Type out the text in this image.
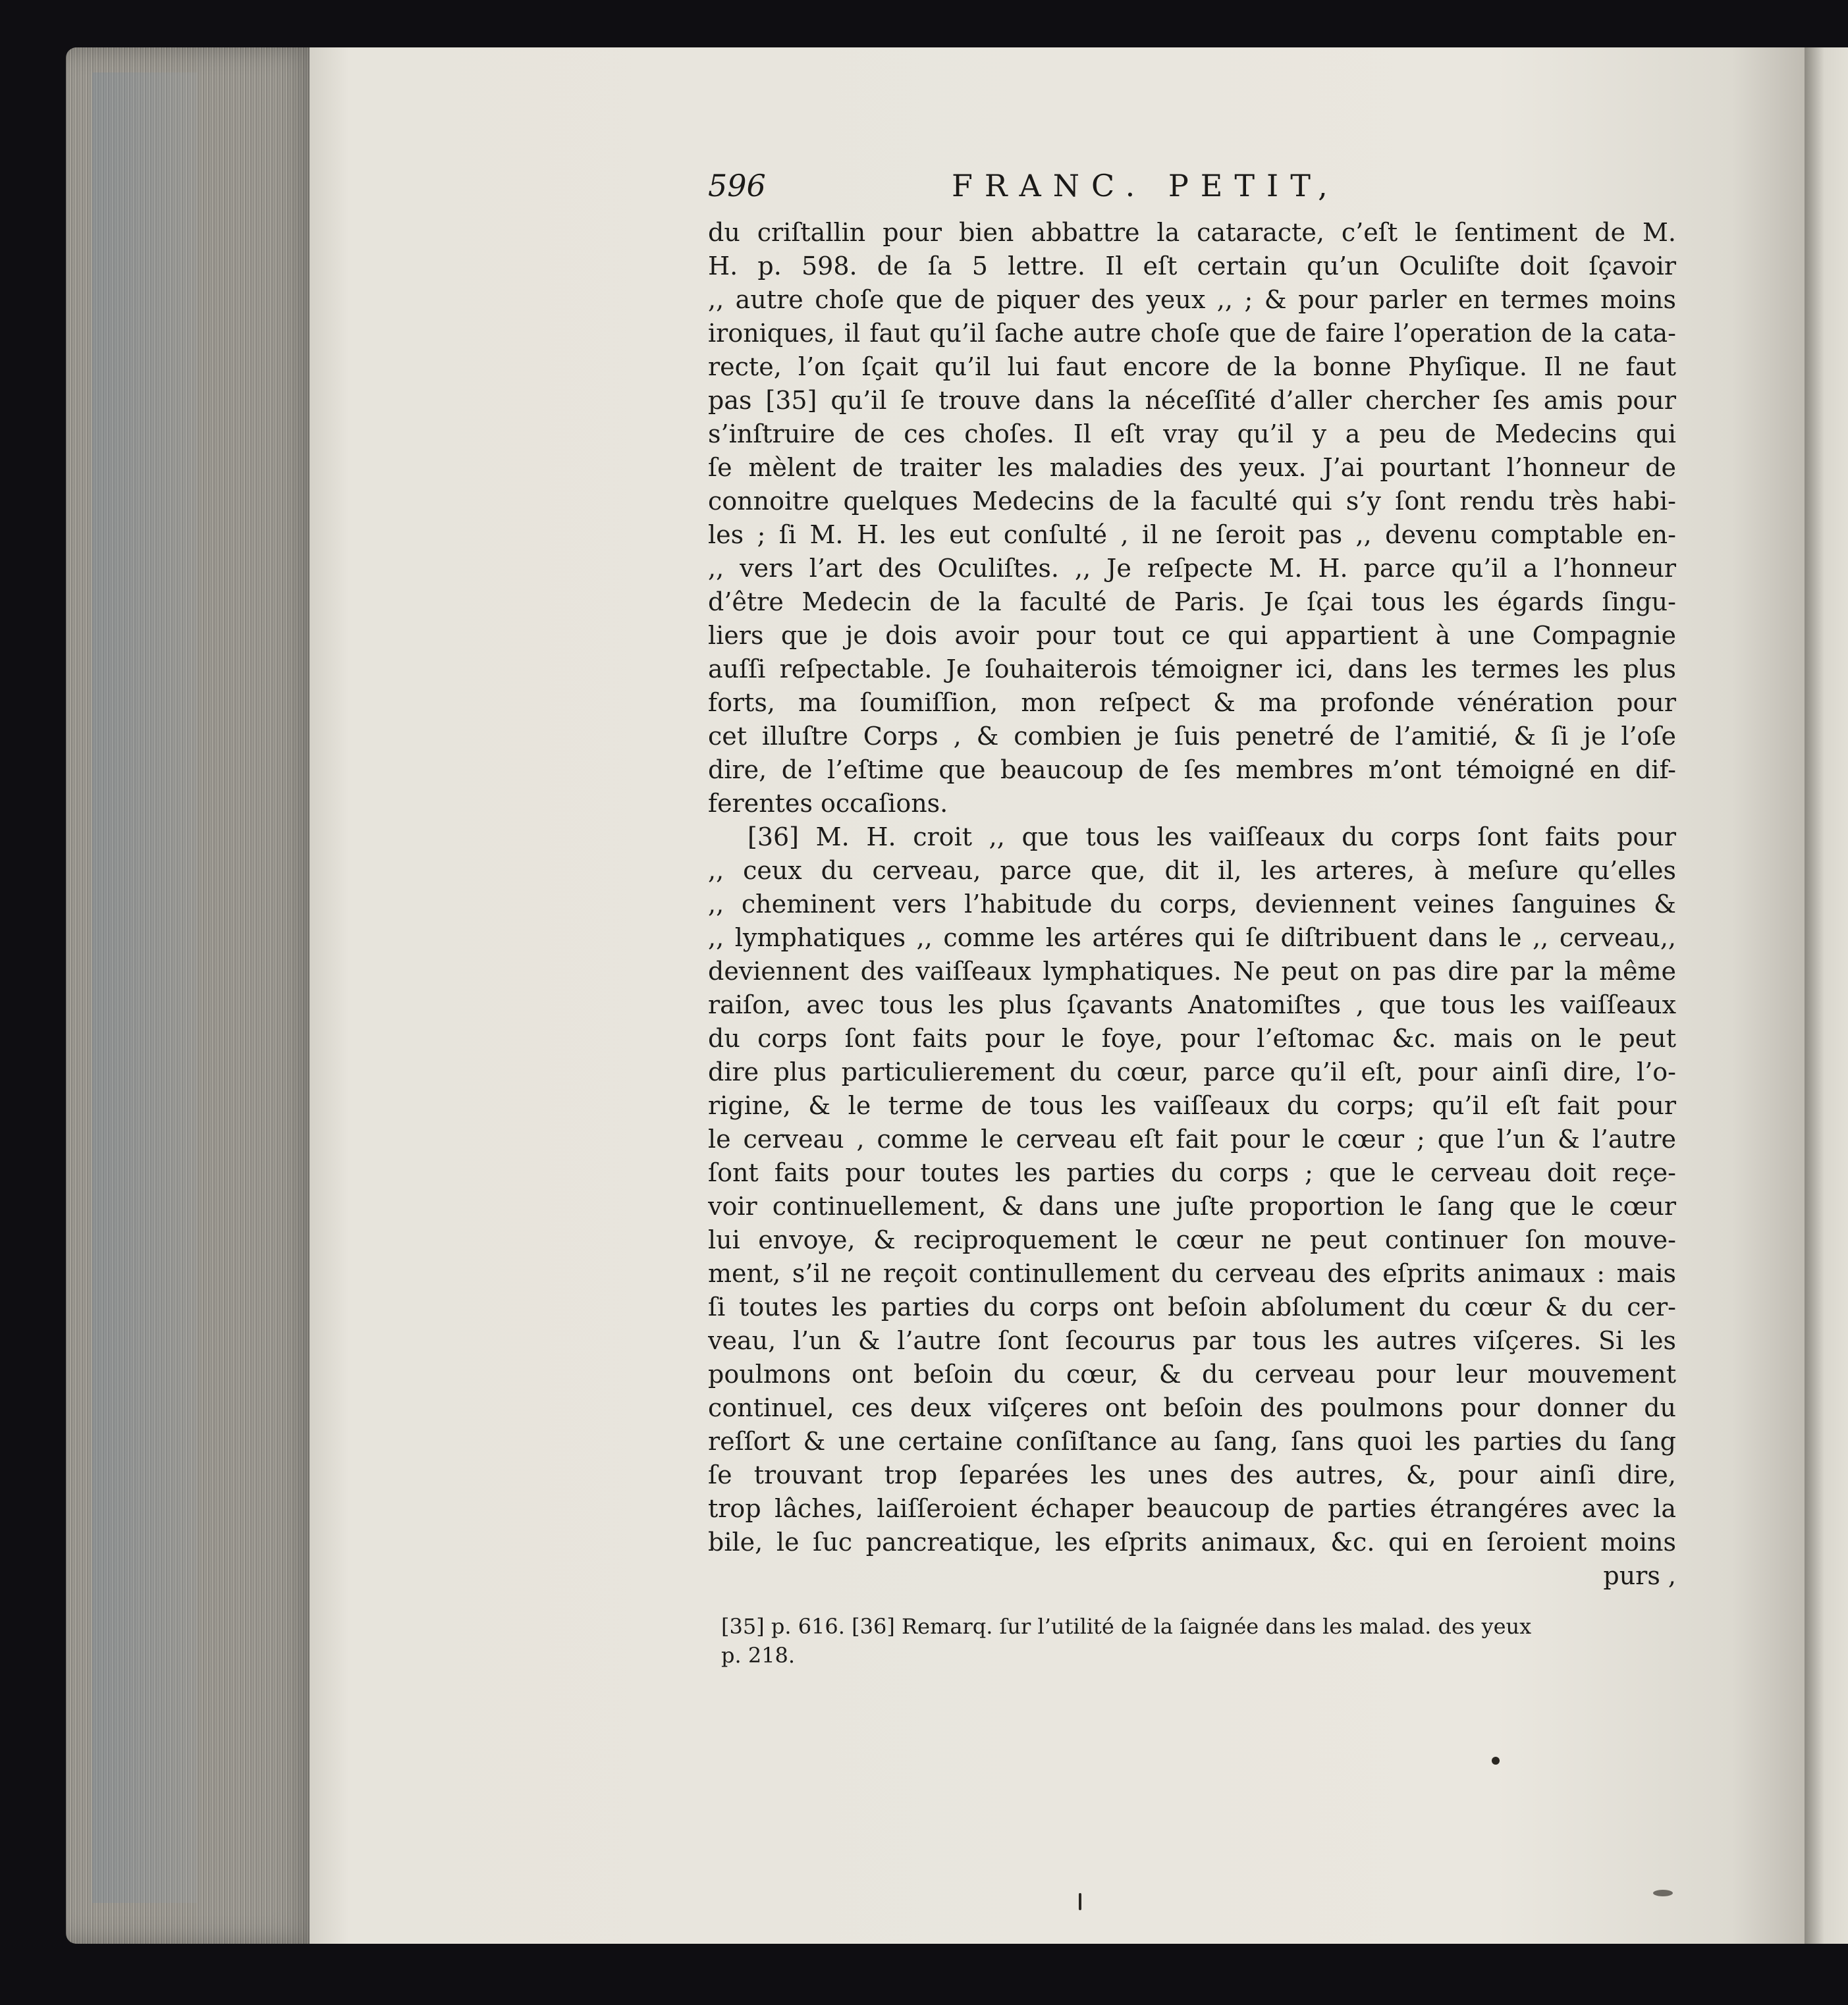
596	FRANC. PETIT,
du criſtallin pour bien abbattre la cataracte, c’eſt le ſentiment de M.
H. p. 598. de ſa 5 lettre. Il eſt certain qu’un Oculiſte doit ſçavoir
,, autre choſe que de piquer des yeux ,, ; & pour parler en termes moins
ironiques, il faut qu’il ſache autre choſe que de faire l’operation de la cata-
recte, l’on ſçait qu’il lui faut encore de la bonne Phyſique. Il ne faut
pas [35] qu’il ſe trouve dans la néceſſité d’aller chercher ſes amis pour
s’inſtruire de ces choſes. Il eſt vray qu’il y a peu de Medecins qui
ſe mèlent de traiter les maladies des yeux. J’ai pourtant l’honneur de
connoitre quelques Medecins de la faculté qui s’y ſont rendu très habi-
les ; ſi M. H. les eut conſulté , il ne ſeroit pas ,, devenu comptable en-
,, vers l’art des Oculiſtes. ,, Je reſpecte M. H. parce qu’il a l’honneur
d’être Medecin de la faculté de Paris. Je ſçai tous les égards ſingu-
liers que je dois avoir pour tout ce qui appartient à une Compagnie
auſſi reſpectable. Je ſouhaiterois témoigner ici, dans les termes les plus
forts, ma ſoumiſſion, mon reſpect & ma profonde vénération pour
cet illuſtre Corps , & combien je ſuis penetré de l’amitié, & ſi je l’oſe
dire, de l’eſtime que beaucoup de ſes membres m’ont témoigné en dif-
ferentes occaſions.
[36] M. H. croit ,, que tous les vaiſſeaux du corps ſont faits pour
,, ceux du cerveau, parce que, dit il, les arteres, à meſure qu’elles
,, cheminent vers l’habitude du corps, deviennent veines ſanguines &
,, lymphatiques ,, comme les artéres qui ſe diſtribuent dans le ,, cerveau,,
deviennent des vaiſſeaux lymphatiques. Ne peut on pas dire par la même
raiſon, avec tous les plus ſçavants Anatomiſtes , que tous les vaiſſeaux
du corps ſont faits pour le foye, pour l’eſtomac &c. mais on le peut
dire plus particulierement du cœur, parce qu’il eſt, pour ainſi dire, l’o-
rigine, & le terme de tous les vaiſſeaux du corps; qu’il eſt fait pour
le cerveau , comme le cerveau eſt fait pour le cœur ; que l’un & l’autre
ſont faits pour toutes les parties du corps ; que le cerveau doit reçe-
voir continuellement, & dans une juſte proportion le ſang que le cœur
lui envoye, & reciproquement le cœur ne peut continuer ſon mouve-
ment, s’il ne reçoit continullement du cerveau des eſprits animaux : mais
ſi toutes les parties du corps ont beſoin abſolument du cœur & du cer-
veau, l’un & l’autre ſont ſecourus par tous les autres viſçeres. Si les
poulmons ont beſoin du cœur, & du cerveau pour leur mouvement
continuel, ces deux viſçeres ont beſoin des poulmons pour donner du
reſſort & une certaine conſiſtance au ſang, ſans quoi les parties du ſang
ſe trouvant trop ſeparées les unes des autres, &, pour ainſi dire,
trop lâches, laiſſeroient échaper beaucoup de parties étrangéres avec la
bile, le ſuc pancreatique, les eſprits animaux, &c. qui en ſeroient moins
purs ,
[35] p. 616. [36] Remarq. ſur l’utilité de la ſaignée dans les malad. des yeux
p. 218.
